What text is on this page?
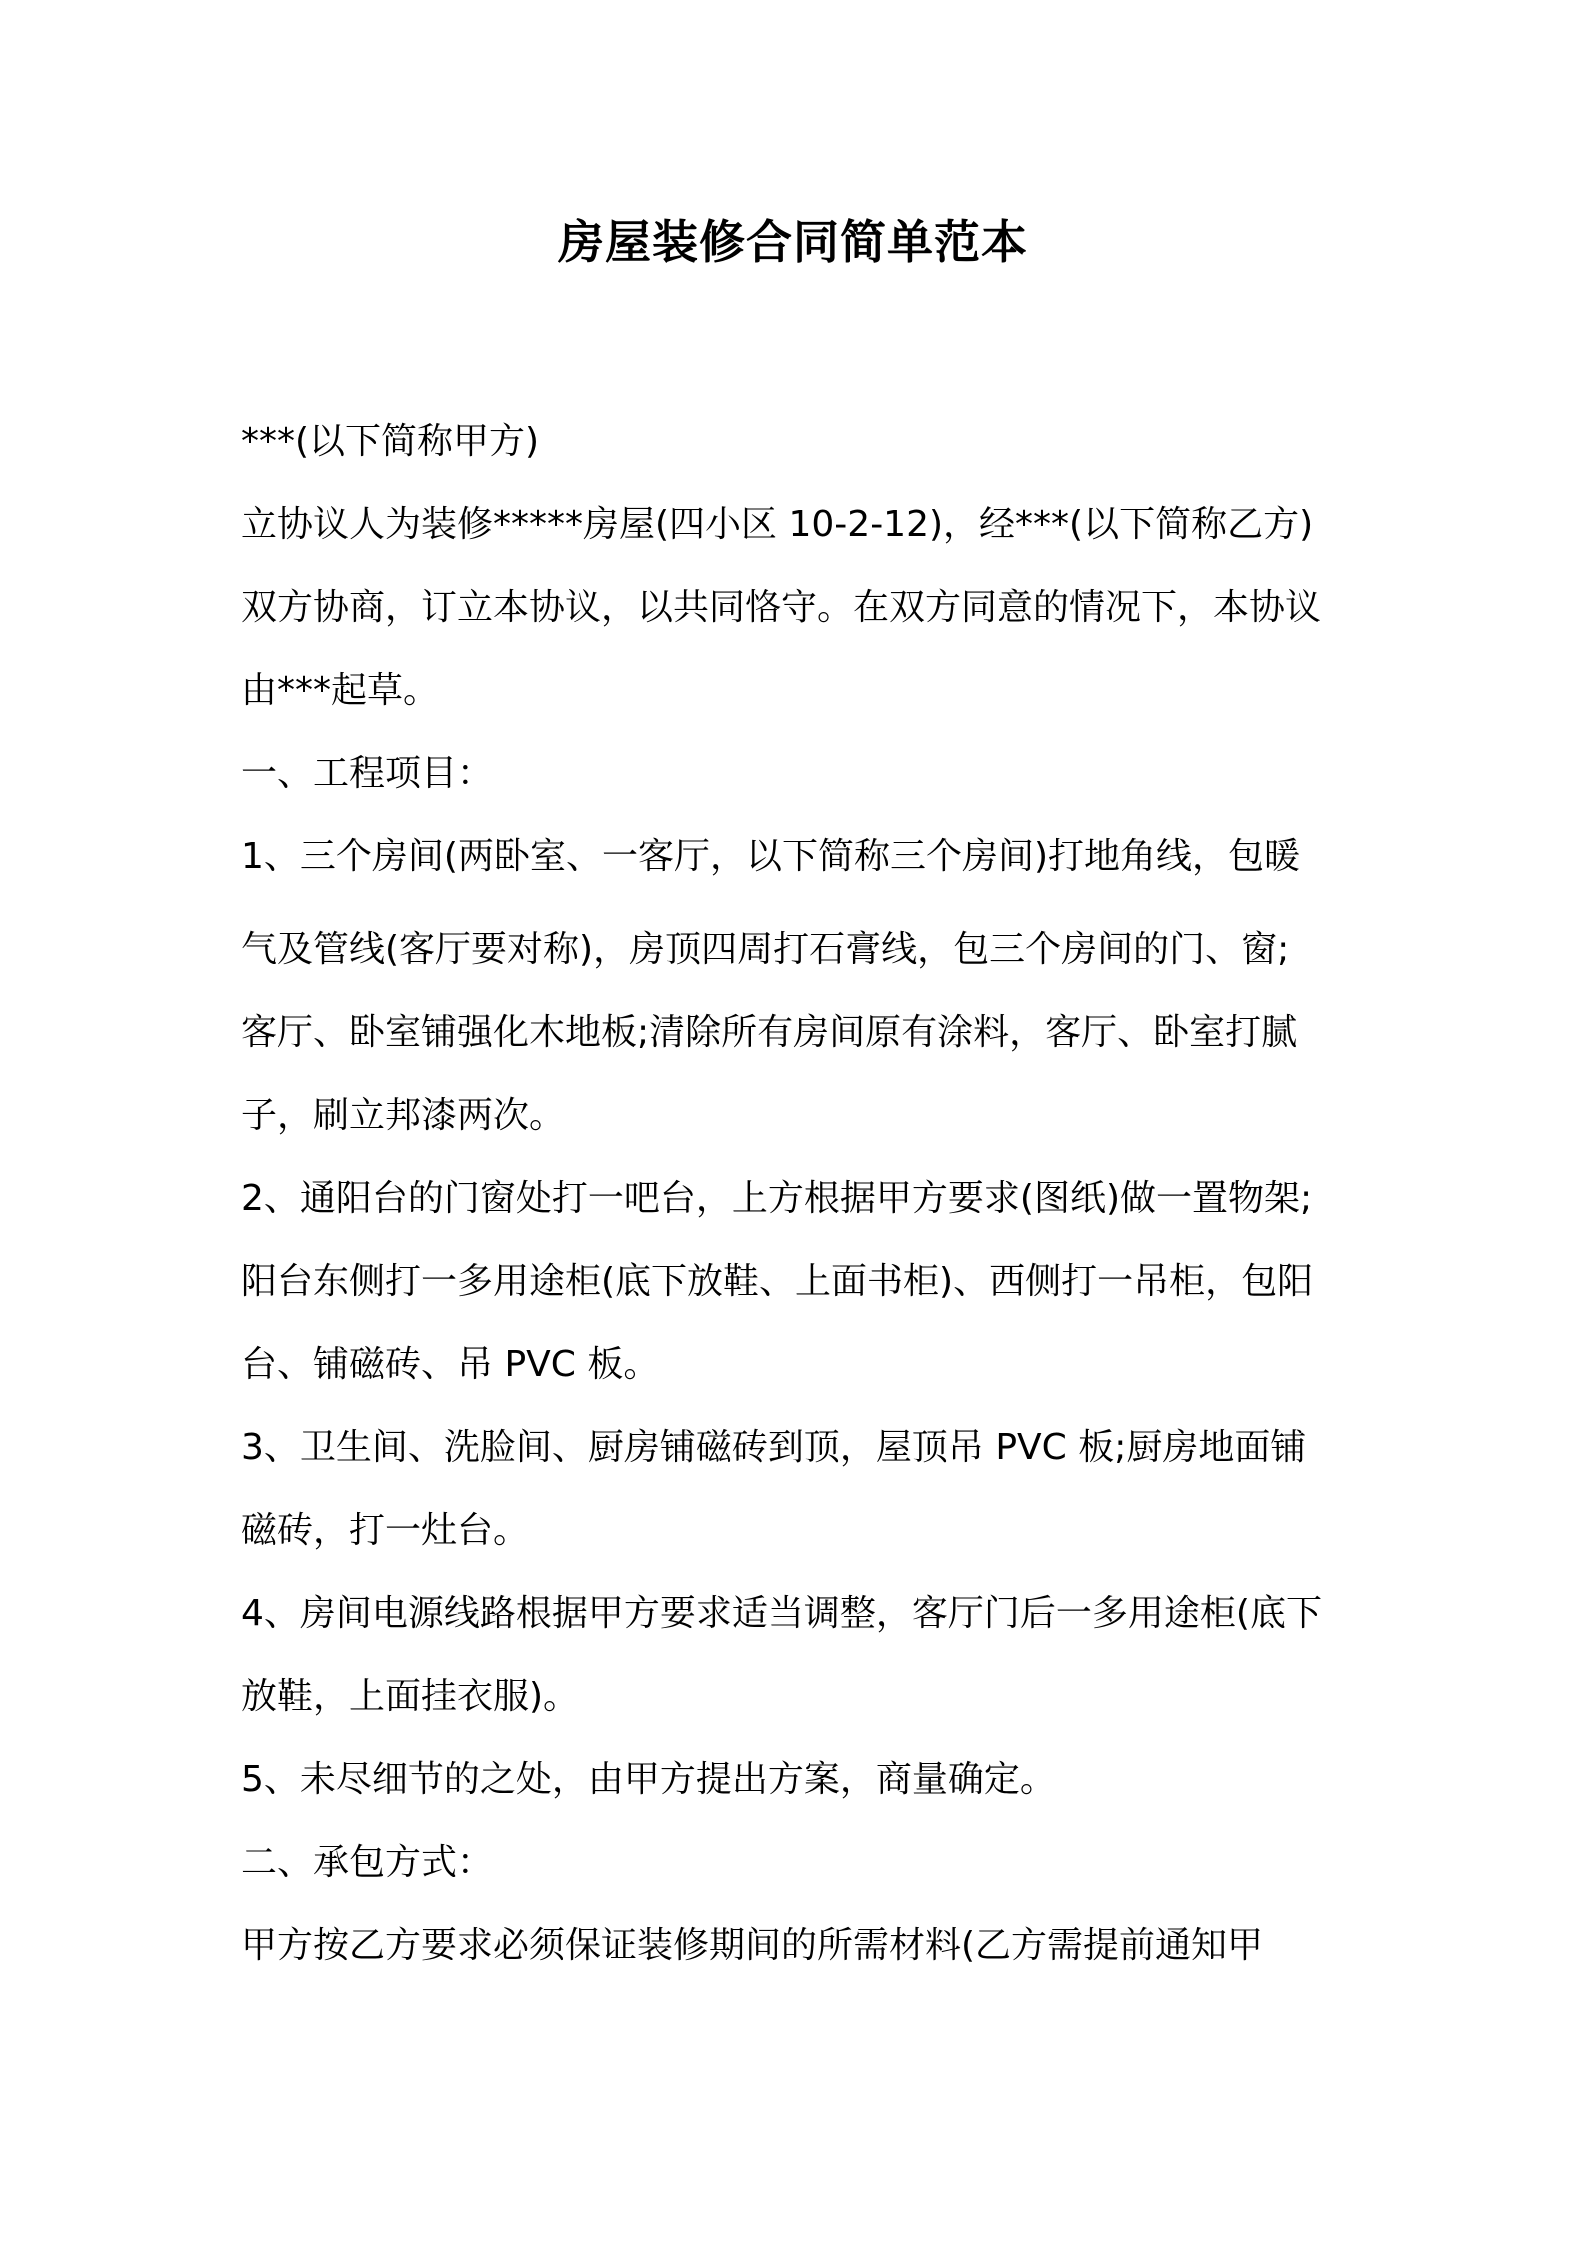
房屋装修合同简单范本
***(以下简称甲方)
立协议人为装修*****房屋(四小区 10-2-12)，经***(以下简称乙方)
双方协商，订立本协议，以共同恪守。在双方同意的情况下，本协议
由***起草。
一、工程项目：
1、三个房间(两卧室、一客厅，以下简称三个房间)打地角线，包暖
气及管线(客厅要对称)，房顶四周打石膏线，包三个房间的门、窗;
客厅、卧室铺强化木地板;清除所有房间原有涂料，客厅、卧室打腻
子，刷立邦漆两次。
2、通阳台的门窗处打一吧台，上方根据甲方要求(图纸)做一置物架;
阳台东侧打一多用途柜(底下放鞋、上面书柜)、西侧打一吊柜，包阳
台、铺磁砖、吊 PVC 板。
3、卫生间、洗脸间、厨房铺磁砖到顶，屋顶吊 PVC 板;厨房地面铺
磁砖，打一灶台。
4、房间电源线路根据甲方要求适当调整，客厅门后一多用途柜(底下
放鞋，上面挂衣服)。
5、未尽细节的之处，由甲方提出方案，商量确定。
二、承包方式：
甲方按乙方要求必须保证装修期间的所需材料(乙方需提前通知甲
